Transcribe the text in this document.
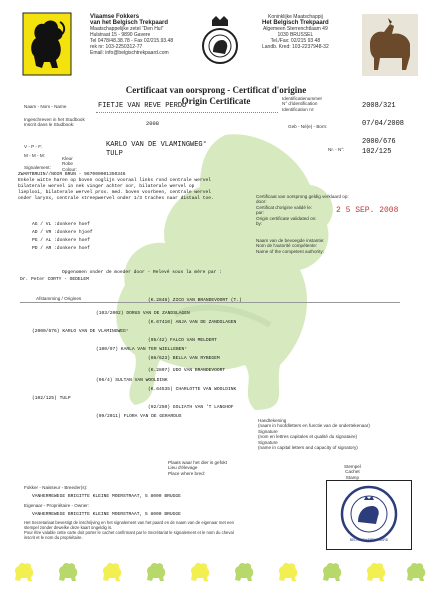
Vlaamse Fokkers
van het Belgisch Trekpaard
Maatschappelijke zetel “Den Hul”
Hulstraat 15 - 9890 Gavere
Tel 0478/48.38.78 - Fax 02/215.93.48
rek nr: 103-2250312-77
Email: info@belgischtrekpaard.com
Koninklijke Maatschappij
Het Belgisch Trekpaard
Algemeen Sterrenchtlaam 49
1030 BRUSSEL
Tel./Fax: 02/215 93 48
Landb. Kred: 103-2237948-32
Certificaat van oorsprong - Certificat d'origine
Origin Certificate
Naam - Nom - Name	FIETJE VAN REVE PERDU
Identificatienummer
N° d'identification
Identification nr:	2008/321
Ingeschreven in het Studbook
Inscrit dans le Studbook:	2008	Geb - Né(e) - Born:	07/04/2008
V - P - F:	KARLO VAN DE VLAMINGWEG°
M - M - M:	TULP
Nr. - N°:
2000/676
102/125
Kleur
Robe
Colour:
Signalement:
ZWARTBRUIN//NOIR BRUN - 967000001350346
Enkele witte haren op boven ooglijn vooraal links rond centrale wervel
bilaterale wervel in nek vinger achter oor, bilaterale wervel op
lieplooi, bilaterale wervel prox. med. boven voorbeen, centrale wervel
onder larynx, centrale streepwervel onder 1/3 traches naar distaal toe.	Certificaat van oorsprong geldig verklaard op:
door:
Certificat d'origine validé le:
par:
Origin certificate validated on:
by:
2 5 SEP. 2008
AG / VL :donkere hoef
AD / VR :donkere hjoef
PG / AL :donkere hoef
PD / AR :donkere hoef
Naam van de bevoegde instantie:
Nom de l'autorité compétente:
Name of the competent authority:
Opgenomen onder de moeder door - Relevé sous la mère par :
Dr. Peter CORTY - OEDELEM
Afstamming / Origines	(K.2848) ZICO VAN BRANDEVOORT (T.)
(103/2002) DORUS VAN DE ZANDSLAGEN
(K.67410) ANJA VAN DE ZANDSLAGEN
(2000/676) KARLO VAN DE VLAMINGWEG°
(95/42) FALCO VAN MELDERT
(100/97) KARLA VAN TER WIELLEBEN°
(86/623) BELLA VAN RYBEGEM
(K.2807) UDO VAN BRANDEVOORT
(96/4) SULTAN VAN WOOLDINK
(K.64535) CHARLOTTE VAN WOOLDINK
(102/125) TULP
(92/250) GOLIATH VAN 'T LANGHOF
(99/2011) FLORA VAN DE GERARDUS
Handtekening
(naam in hoofdletters en functie van de ondertekenaar)
Signature
(nom en lettres capitales et qualité du signataire)
Signature
(name in capital letters and capacity of signatory)
Plaats waar het dier is gefokt
Lieu d'élevage
Place where bred:
Stempel
Cachet
Stamp
BELGISCH TREKPAARD
Fokker - Naisseur - Breeder(s):
VANHERREWEGE BRIGITTE KLEINE MOERSTRAAT, 5 8000 BRUGGE
Eigenaar - Propriétaire - Owner:
VANHERREWEGE BRIGITTE KLEINE MOERSTRAAT, 5 8000 BRUGGE
Het Secretariaat bevestigt de inschrijving en het signalement van het paard en de naam van de eigenaar met een
stempel zonder dewelke deze kaart ongeldig is.
Pour être valable cette carte doit porter le cachet confirmant par le Secrétariat le signalement et le nom du cheval
inscrit et le nom du propriétaire.
